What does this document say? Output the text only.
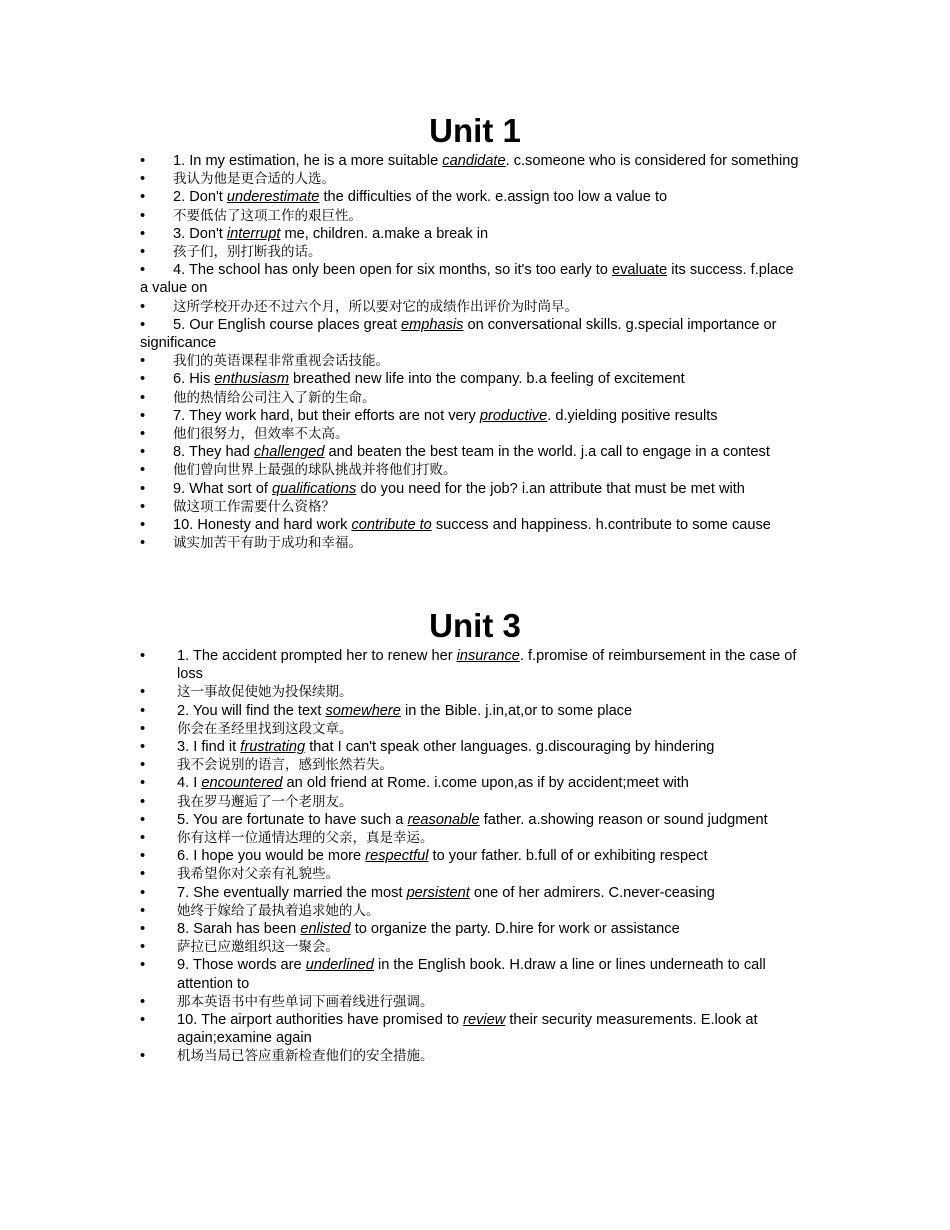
Unit 1
•	1. In my estimation, he is a more suitable candidate. c.someone who is considered for something
•	我认为他是更合适的人选。
•	2. Don't underestimate the difficulties of the work. e.assign too low a value to
•	不要低估了这项工作的艰巨性。
•	3. Don't interrupt me, children. a.make a break in
•	孩子们，别打断我的话。
•	4. The school has only been open for six months, so it's too early to evaluate its success. f.place a value on
•	这所学校开办还不过六个月，所以要对它的成绩作出评价为时尚早。
•	5. Our English course places great emphasis on conversational skills. g.special importance or significance
•	我们的英语课程非常重视会话技能。
•	6. His enthusiasm breathed new life into the company. b.a feeling of excitement
•	他的热情给公司注入了新的生命。
•	7. They work hard, but their efforts are not very productive. d.yielding positive results
•	他们很努力，但效率不太高。
•	8. They had challenged and beaten the best team in the world. j.a call to engage in a contest
•	他们曾向世界上最强的球队挑战并将他们打败。
•	9. What sort of qualifications do you need for the job? i.an attribute that must be met with
•	做这项工作需要什么资格？
•	10. Honesty and hard work contribute to success and happiness. h.contribute to some cause
•	诚实加苦干有助于成功和幸福。
Unit 3
• 1. The accident prompted her to renew her insurance. f.promise of reimbursement in the case of loss
• 这一事故促使她为投保续期。
• 2. You will find the text somewhere in the Bible. j.in,at,or to some place
• 你会在圣经里找到这段文章。
• 3. I find it frustrating that I can't speak other languages. g.discouraging by hindering
• 我不会说别的语言，感到怅然若失。
• 4. I encountered an old friend at Rome. i.come upon,as if by accident;meet with
• 我在罗马邂逅了一个老朋友。
• 5. You are fortunate to have such a reasonable father. a.showing reason or sound judgment
• 你有这样一位通情达理的父亲，真是幸运。
• 6. I hope you would be more respectful to your father. b.full of or exhibiting respect
• 我希望你对父亲有礼貌些。
• 7. She eventually married the most persistent one of her admirers. C.never-ceasing
• 她终于嫁给了最执着追求她的人。
• 8. Sarah has been enlisted to organize the party. D.hire for work or assistance
• 萨拉已应邀组织这一聚会。
• 9. Those words are underlined in the English book. H.draw a line or lines underneath to call attention to
• 那本英语书中有些单词下画着线进行强调。
• 10. The airport authorities have promised to review their security measurements. E.look at again;examine again
• 机场当局已答应重新检查他们的安全措施。
